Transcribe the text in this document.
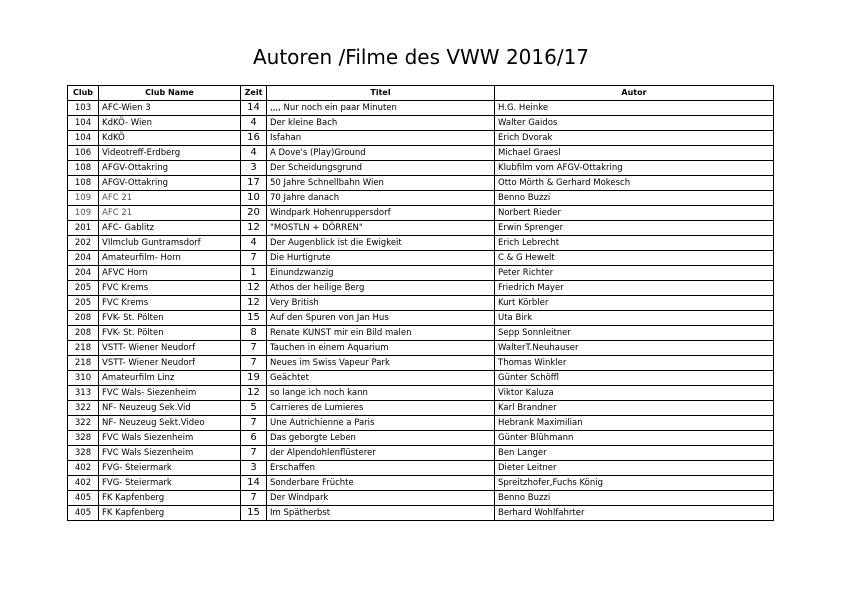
Autoren /Filme des VWW 2016/17
Club	Club Name	Zeit	Titel	Autor
103	AFC-Wien 3	14	,,,, Nur noch ein paar Minuten	H.G. Heinke
104	KdKÖ- Wien	4	Der kleine Bach	Walter Gaidos
104	KdKÖ	16	Isfahan	Erich Dvorak
106	Videotreff-Erdberg	4	A Dove's (Play)Ground	Michael Graesl
108	AFGV-Ottakring	3	Der Scheidungsgrund	Klubfilm vom AFGV-Ottakring
108	AFGV-Ottakring	17	50 Jahre Schnellbahn Wien	Otto Mörth & Gerhard Mokesch
109	AFC 21	10	70 Jahre danach	Benno Buzzi
109	AFC 21	20	Windpark Hohenruppersdorf	Norbert Rieder
201	AFC- Gablitz	12	"MOSTLN + DÖRREN"	Erwin Sprenger
202	VIlmclub Guntramsdorf	4	Der Augenblick ist die Ewigkeit	Erich Lebrecht
204	Amateurfilm- Horn	7	Die Hurtigrute	C & G Hewelt
204	AFVC Horn	1	Einundzwanzig	Peter Richter
205	FVC Krems	12	Athos der heilige Berg	Friedrich Mayer
205	FVC Krems	12	Very British	Kurt Körbler
208	FVK- St. Pölten	15	Auf den Spuren von Jan Hus	Uta Birk
208	FVK- St. Pölten	8	Renate KUNST mir ein Bild malen	Sepp Sonnleitner
218	VSTT- Wiener Neudorf	7	Tauchen in einem Aquarium	WalterT.Neuhauser
218	VSTT- Wiener Neudorf	7	Neues im Swiss Vapeur Park	Thomas Winkler
310	Amateurfilm Linz	19	Geächtet	Günter Schöffl
313	FVC Wals- Siezenheim	12	so lange ich noch kann	Viktor Kaluza
322	NF- Neuzeug Sek.Vid	5	Carrieres de Lumieres	Karl Brandner
322	NF- Neuzeug Sekt.Video	7	Une Autrichienne a Paris	Hebrank Maximilian
328	FVC Wals Siezenheim	6	Das geborgte Leben	Günter Blühmann
328	FVC Wals Siezenheim	7	der Alpendohlenflüsterer	Ben Langer
402	FVG- Steiermark	3	Erschaffen	Dieter Leitner
402	FVG- Steiermark	14	Sonderbare Früchte	Spreitzhofer,Fuchs König
405	FK Kapfenberg	7	Der Windpark	Benno Buzzi
405	FK Kapfenberg	15	Im Spätherbst	Berhard Wohlfahrter
